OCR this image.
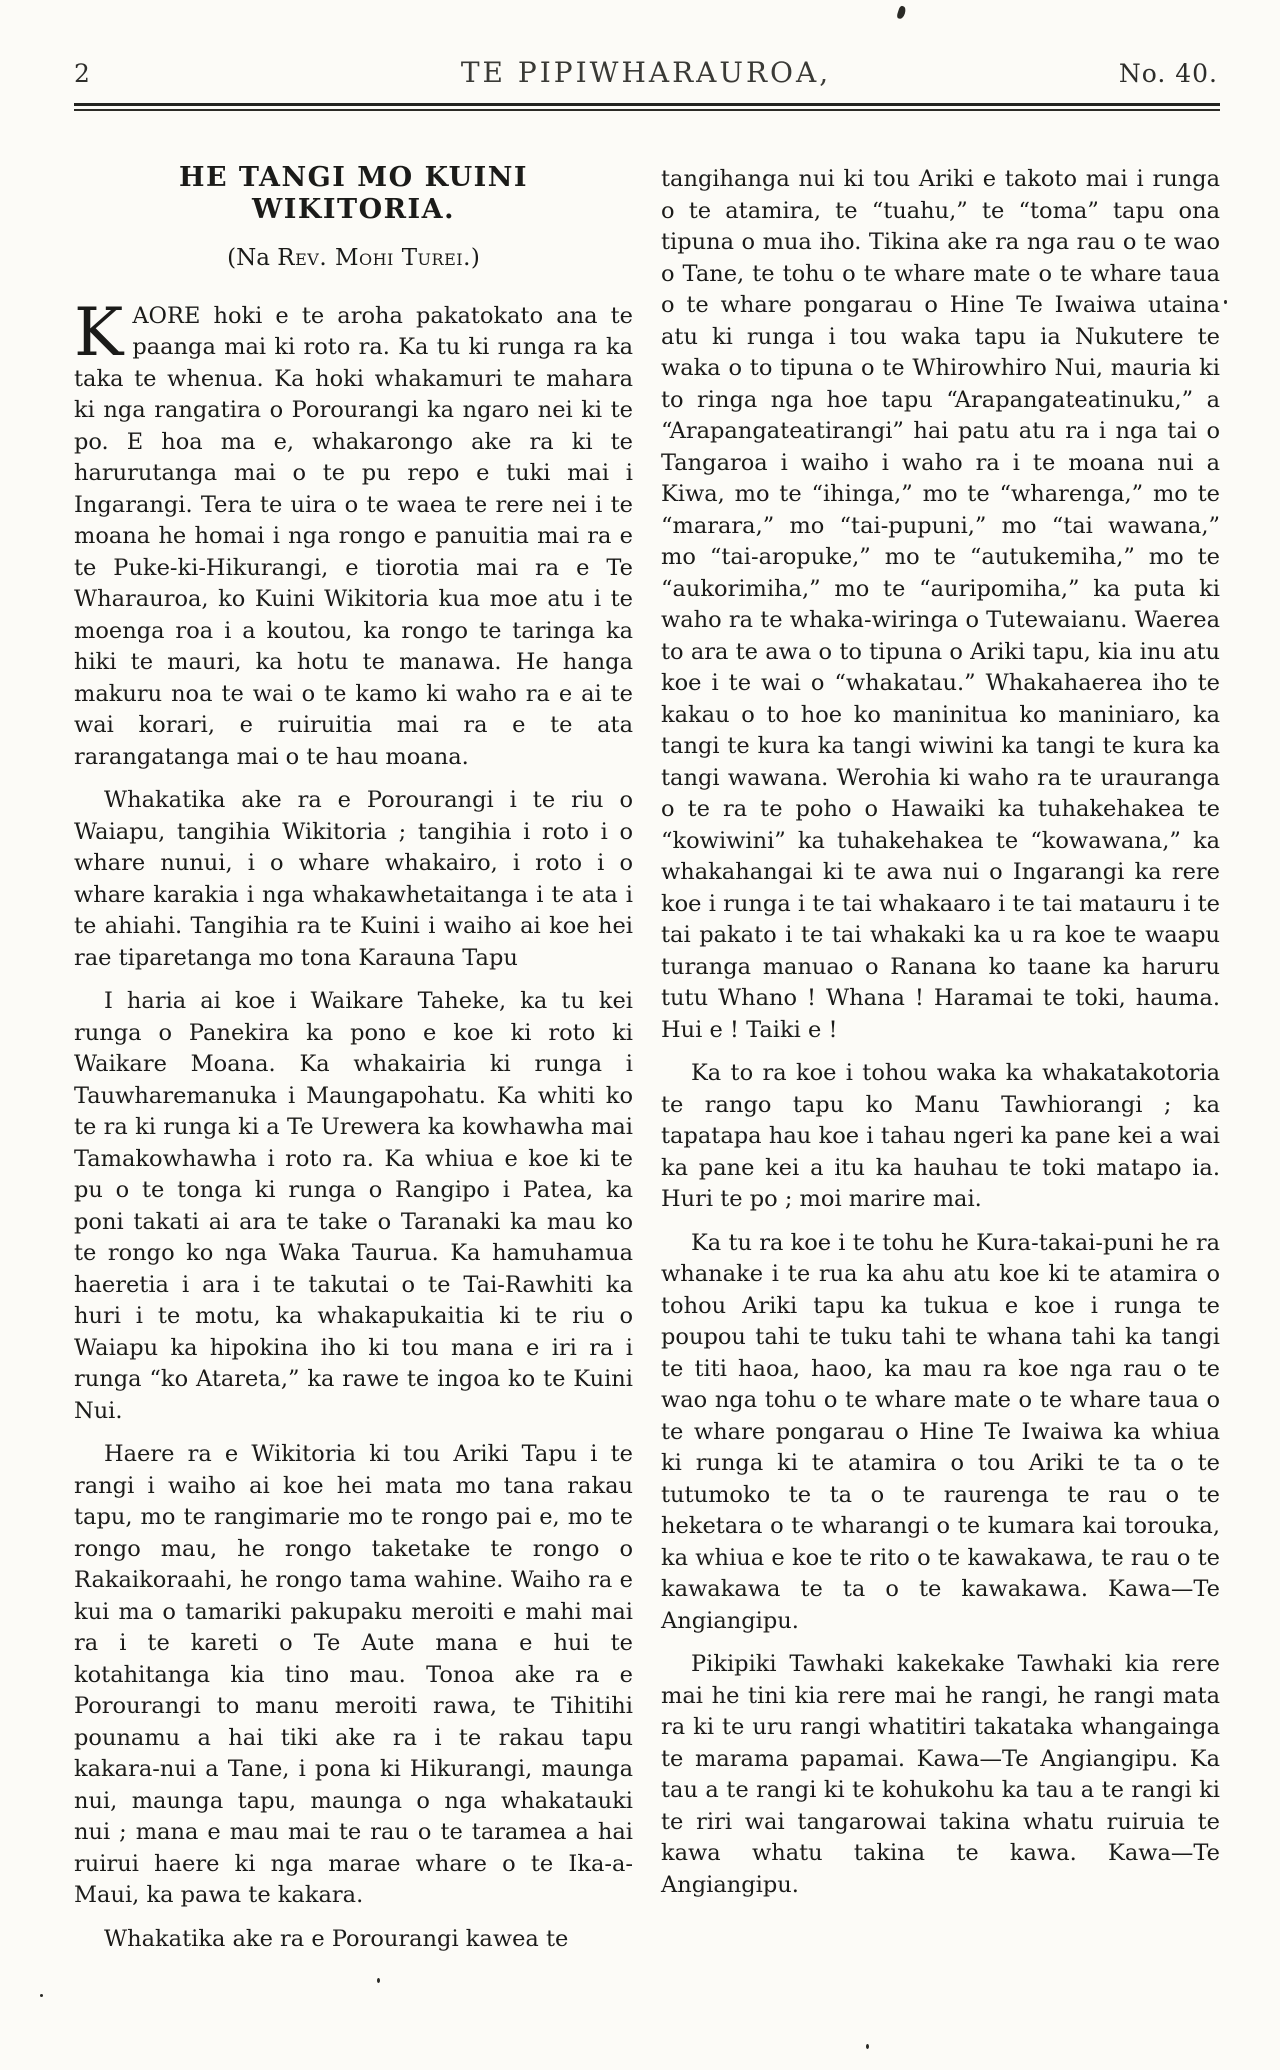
2	TE PIPIWHARAUROA,	No. 40.
HE TANGI MO KUINI WIKITORIA.
(Na Rev. Mohi Turei.)

KAORE hoki e te aroha pakatokato ana te paanga mai ki roto ra. Ka tu ki runga ra ka taka te whenua. Ka hoki whakamuri te mahara ki nga rangatira o Porourangi ka ngaro nei ki te po. E hoa ma e, whakarongo ake ra ki te harurutanga mai o te pu repo e tuki mai i Ingarangi. Tera te uira o te waea te rere nei i te moana he homai i nga rongo e panuitia mai ra e te Puke-ki-Hikurangi, e tiorotia mai ra e Te Wharauroa, ko Kuini Wikitoria kua moe atu i te moenga roa i a koutou, ka rongo te taringa ka hiki te mauri, ka hotu te manawa. He hanga makuru noa te wai o te kamo ki waho ra e ai te wai korari, e ruiruitia mai ra e te ata rarangatanga mai o te hau moana.

Whakatika ake ra e Porourangi i te riu o Waiapu, tangihia Wikitoria ; tangihia i roto i o whare nunui, i o whare whakairo, i roto i o whare karakia i nga whakawhetaitanga i te ata i te ahiahi. Tangihia ra te Kuini i waiho ai koe hei rae tiparetanga mo tona Karauna Tapu

I haria ai koe i Waikare Taheke, ka tu kei runga o Panekira ka pono e koe ki roto ki Waikare Moana. Ka whakairia ki runga i Tauwharemanuka i Maungapohatu. Ka whiti ko te ra ki runga ki a Te Urewera ka kowhawha mai Tamakowhawha i roto ra. Ka whiua e koe ki te pu o te tonga ki runga o Rangipo i Patea, ka poni takati ai ara te take o Taranaki ka mau ko te rongo ko nga Waka Taurua. Ka hamuhamua haeretia i ara i te takutai o te Tai-Rawhiti ka huri i te motu, ka whakapukaitia ki te riu o Waiapu ka hipokina iho ki tou mana e iri ra i runga “ko Atareta,” ka rawe te ingoa ko te Kuini Nui.

Haere ra e Wikitoria ki tou Ariki Tapu i te rangi i waiho ai koe hei mata mo tana rakau tapu, mo te rangimarie mo te rongo pai e, mo te rongo mau, he rongo taketake te rongo o Rakaikoraahi, he rongo tama wahine. Waiho ra e kui ma o tamariki pakupaku meroiti e mahi mai ra i te kareti o Te Aute mana e hui te kotahitanga kia tino mau. Tonoa ake ra e Porourangi to manu meroiti rawa, te Tihitihi pounamu a hai tiki ake ra i te rakau tapu kakara-nui a Tane, i pona ki Hikurangi, maunga nui, maunga tapu, maunga o nga whakatauki nui ; mana e mau mai te rau o te taramea a hai ruirui haere ki nga marae whare o te Ika-a-Maui, ka pawa te kakara.

Whakatika ake ra e Porourangi kawea te

tangihanga nui ki tou Ariki e takoto mai i runga o te atamira, te “tuahu,” te “toma” tapu ona tipuna o mua iho. Tikina ake ra nga rau o te wao o Tane, te tohu o te whare mate o te whare taua o te whare pongarau o Hine Te Iwaiwa utaina atu ki runga i tou waka tapu ia Nukutere te waka o to tipuna o te Whirowhiro Nui, mauria ki to ringa nga hoe tapu “Arapangateatinuku,” a “Arapangateatirangi” hai patu atu ra i nga tai o Tangaroa i waiho i waho ra i te moana nui a Kiwa, mo te “ihinga,” mo te “wharenga,” mo te “marara,” mo “tai-pupuni,” mo “tai wawana,” mo “tai-aropuke,” mo te “autukemiha,” mo te “aukorimiha,” mo te “auripomiha,” ka puta ki waho ra te whaka-wiringa o Tutewaianu. Waerea to ara te awa o to tipuna o Ariki tapu, kia inu atu koe i te wai o “whakatau.” Whakahaerea iho te kakau o to hoe ko maninitua ko maniniaro, ka tangi te kura ka tangi wiwini ka tangi te kura ka tangi wawana. Werohia ki waho ra te urauranga o te ra te poho o Hawaiki ka tuhakehakea te “kowiwini” ka tuhakehakea te “kowawana,” ka whakahangai ki te awa nui o Ingarangi ka rere koe i runga i te tai whakaaro i te tai matauru i te tai pakato i te tai whakaki ka u ra koe te waapu turanga manuao o Ranana ko taane ka haruru tutu Whano ! Whana ! Haramai te toki, hauma. Hui e ! Taiki e !

Ka to ra koe i tohou waka ka whakatakotoria te rango tapu ko Manu Tawhiorangi ; ka tapatapa hau koe i tahau ngeri ka pane kei a wai ka pane kei a itu ka hauhau te toki matapo ia. Huri te po ; moi marire mai.

Ka tu ra koe i te tohu he Kura-takai-puni he ra whanake i te rua ka ahu atu koe ki te atamira o tohou Ariki tapu ka tukua e koe i runga te poupou tahi te tuku tahi te whana tahi ka tangi te titi haoa, haoo, ka mau ra koe nga rau o te wao nga tohu o te whare mate o te whare taua o te whare pongarau o Hine Te Iwaiwa ka whiua ki runga ki te atamira o tou Ariki te ta o te tutumoko te ta o te raurenga te rau o te heketara o te wharangi o te kumara kai torouka, ka whiua e koe te rito o te kawakawa, te rau o te kawakawa te ta o te kawakawa. Kawa—Te Angiangipu.

Pikipiki Tawhaki kakekake Tawhaki kia rere mai he tini kia rere mai he rangi, he rangi mata ra ki te uru rangi whatitiri takataka whangainga te marama papamai. Kawa—Te Angiangipu. Ka tau a te rangi ki te kohukohu ka tau a te rangi ki te riri wai tangarowai takina whatu ruiruia te kawa whatu takina te kawa. Kawa—Te Angiangipu.
